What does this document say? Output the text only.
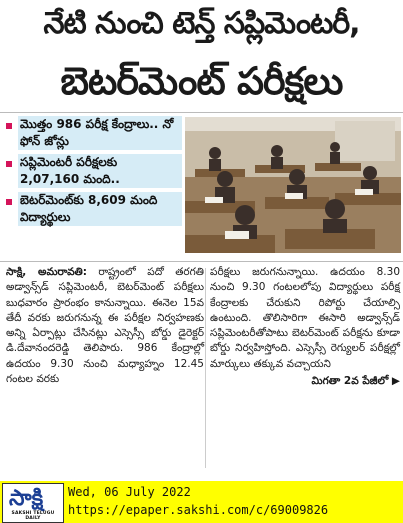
నేటి నుంచి టెన్త్ సప్లిమెంటరీ,
బెటర్‌మెంట్ పరీక్షలు
మొత్తం 986 పరీక్ష కేంద్రాలు.. నో ఫోన్ జోన్లు
సప్లిమెంటరీ పరీక్షలకు 2,07,160 మంది..
బెటర్‌మెంట్‌కు 8,609 మంది విద్యార్థులు

సాక్షి, అమరావతి: రాష్ట్రంలో పదో తరగతి అడ్వాన్స్‌డ్ సప్లిమెంటరీ, బెటర్‌మెంట్ పరీక్షలు బుధవారం ప్రారంభం కానున్నాయి. ఈనెల 15వ తేదీ వరకు జరుగనున్న ఈ పరీక్షల నిర్వహణకు అన్ని ఏర్పాట్లు చేసినట్లు ఎస్సెస్సీ బోర్డు డైరెక్టర్ డి.దేవానందరెడ్డి తెలిపారు. 986 కేంద్రాల్లో ఉదయం 9.30 నుంచి మధ్యాహ్నం 12.45 గంటల వరకు

పరీక్షలు జరుగనున్నాయి. ఉదయం 8.30 నుంచి 9.30 గంటలలోపు విద్యార్థులు పరీక్ష కేంద్రాలకు చేరుకుని రిపోర్టు చేయాల్సి ఉంటుంది. తొలిసారిగా ఈసారి అడ్వాన్స్‌డ్ సప్లిమెంటరీతోపాటు బెటర్‌మెంట్ పరీక్షను కూడా బోర్డు నిర్వహిస్తోంది. ఎస్సెస్సీ రెగ్యులర్ పరీక్షల్లో మార్కులు తక్కువ వచ్చాయని

మిగతా 2వ పేజీలో ▶
సాక్షి
SAKSHI TELUGU DAILY
Wed, 06 July 2022
https://epaper.sakshi.com/c/69009826
